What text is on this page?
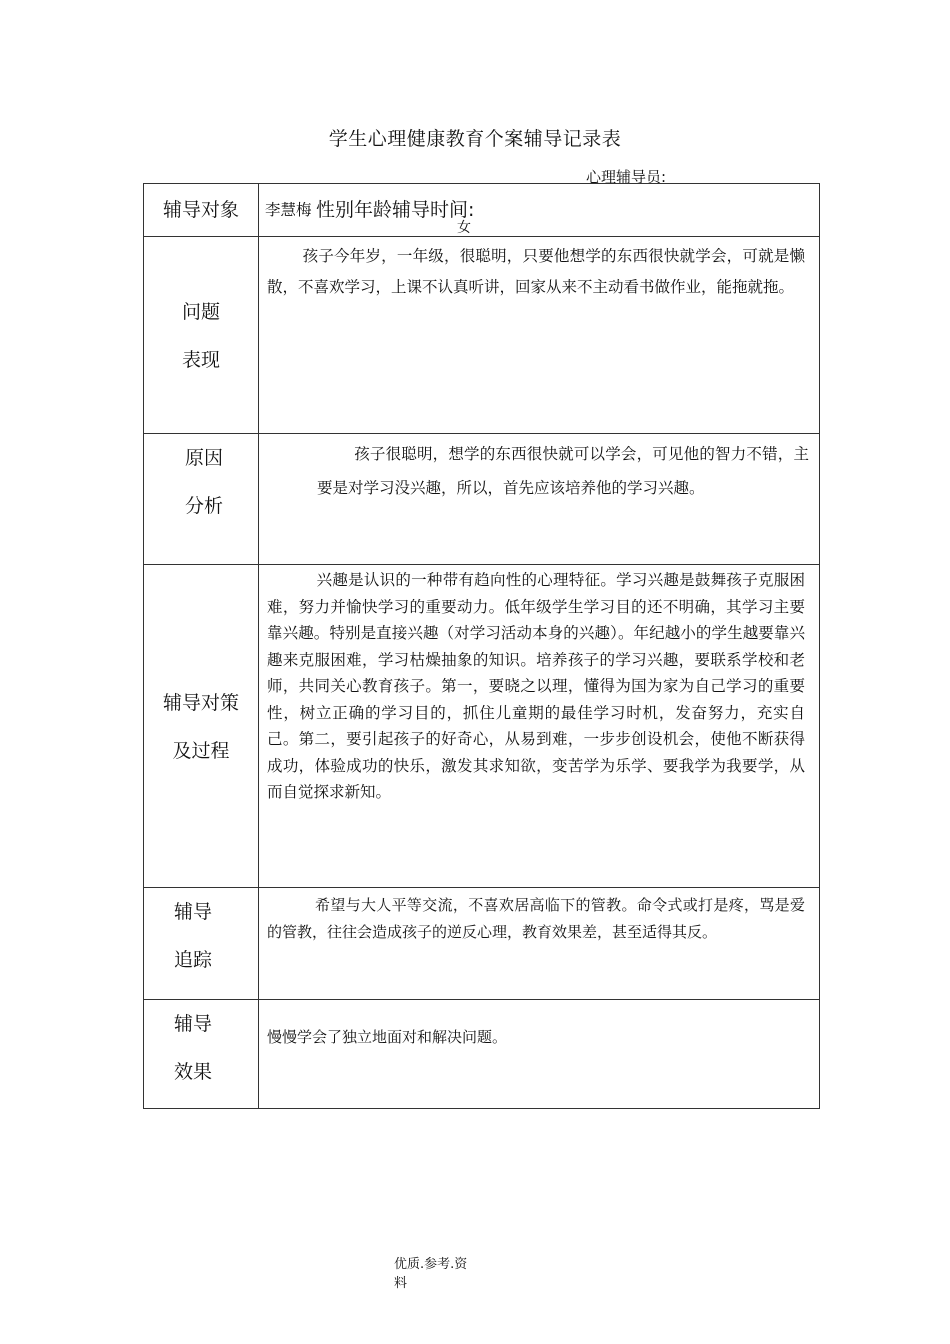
学生心理健康教育个案辅导记录表
心理辅导员:
辅导对象	李慧梅 性别年龄辅导时间:
女

问题
表现	孩子今年岁，一年级，很聪明，只要他想学的东西很快就学会，可就是懒散，不喜欢学习，上课不认真听讲，回家从来不主动看书做作业，能拖就拖。

原因
分析	孩子很聪明，想学的东西很快就可以学会，可见他的智力不错，主要是对学习没兴趣，所以，首先应该培养他的学习兴趣。

辅导对策
及过程	兴趣是认识的一种带有趋向性的心理特征。学习兴趣是鼓舞孩子克服困难，努力并愉快学习的重要动力。低年级学生学习目的还不明确，其学习主要靠兴趣。特别是直接兴趣（对学习活动本身的兴趣）。年纪越小的学生越要靠兴趣来克服困难，学习枯燥抽象的知识。培养孩子的学习兴趣，要联系学校和老师，共同关心教育孩子。第一，要晓之以理，懂得为国为家为自己学习的重要性，树立正确的学习目的，抓住儿童期的最佳学习时机，发奋努力，充实自己。第二，要引起孩子的好奇心，从易到难，一步步创设机会，使他不断获得成功，体验成功的快乐，激发其求知欲，变苦学为乐学、要我学为我要学，从而自觉探求新知。

辅导
追踪	希望与大人平等交流，不喜欢居高临下的管教。命令式或打是疼，骂是爱的管教，往往会造成孩子的逆反心理，教育效果差，甚至适得其反。

辅导
效果	慢慢学会了独立地面对和解决问题。
优质.参考.资
料
